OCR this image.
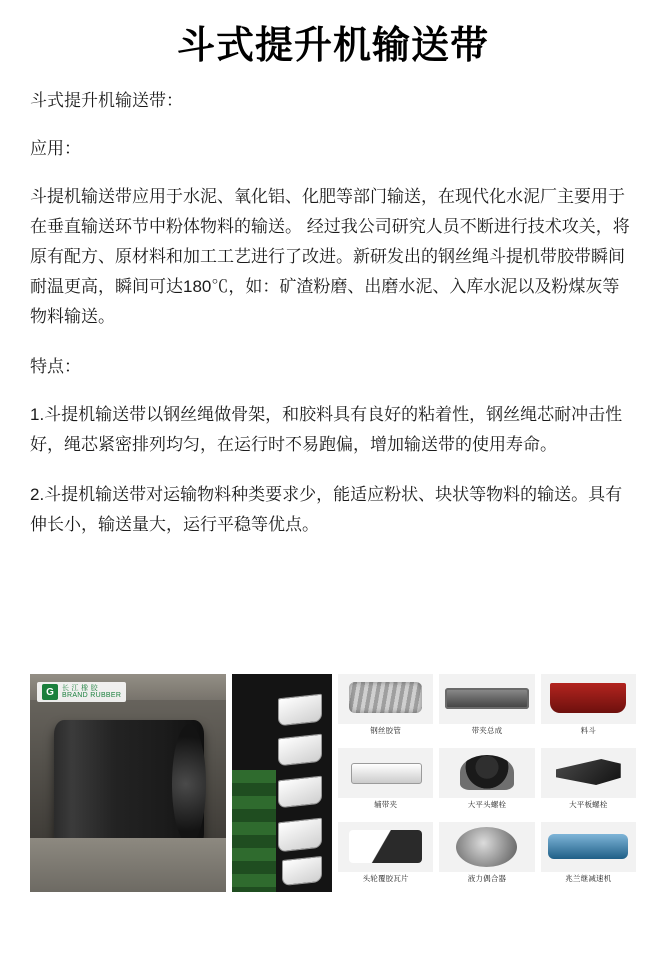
斗式提升机输送带

斗式提升机输送带：

应用：

斗提机输送带应用于水泥、氧化铝、化肥等部门输送，在现代化水泥厂主要用于在垂直输送环节中粉体物料的输送。 经过我公司研究人员不断进行技术攻关，将原有配方、原材料和加工工艺进行了改进。新研发出的钢丝绳斗提机带胶带瞬间耐温更高，瞬间可达180℃，如：矿渣粉磨、出磨水泥、入库水泥以及粉煤灰等物料输送。

特点：

1.斗提机输送带以钢丝绳做骨架，和胶料具有良好的粘着性，钢丝绳芯耐冲击性好，绳芯紧密排列均匀，在运行时不易跑偏，增加输送带的使用寿命。

2.斗提机输送带对运输物料种类要求少，能适应粉状、块状等物料的输送。具有伸长小，输送量大，运行平稳等优点。

G	长 江 橡 胶
BRAND RUBBER
钢丝胶管	带夹总成	料斗
辅带夹	大平头螺栓	大平板螺栓
头轮覆胶瓦片	液力偶合器	兆兰继减速机
